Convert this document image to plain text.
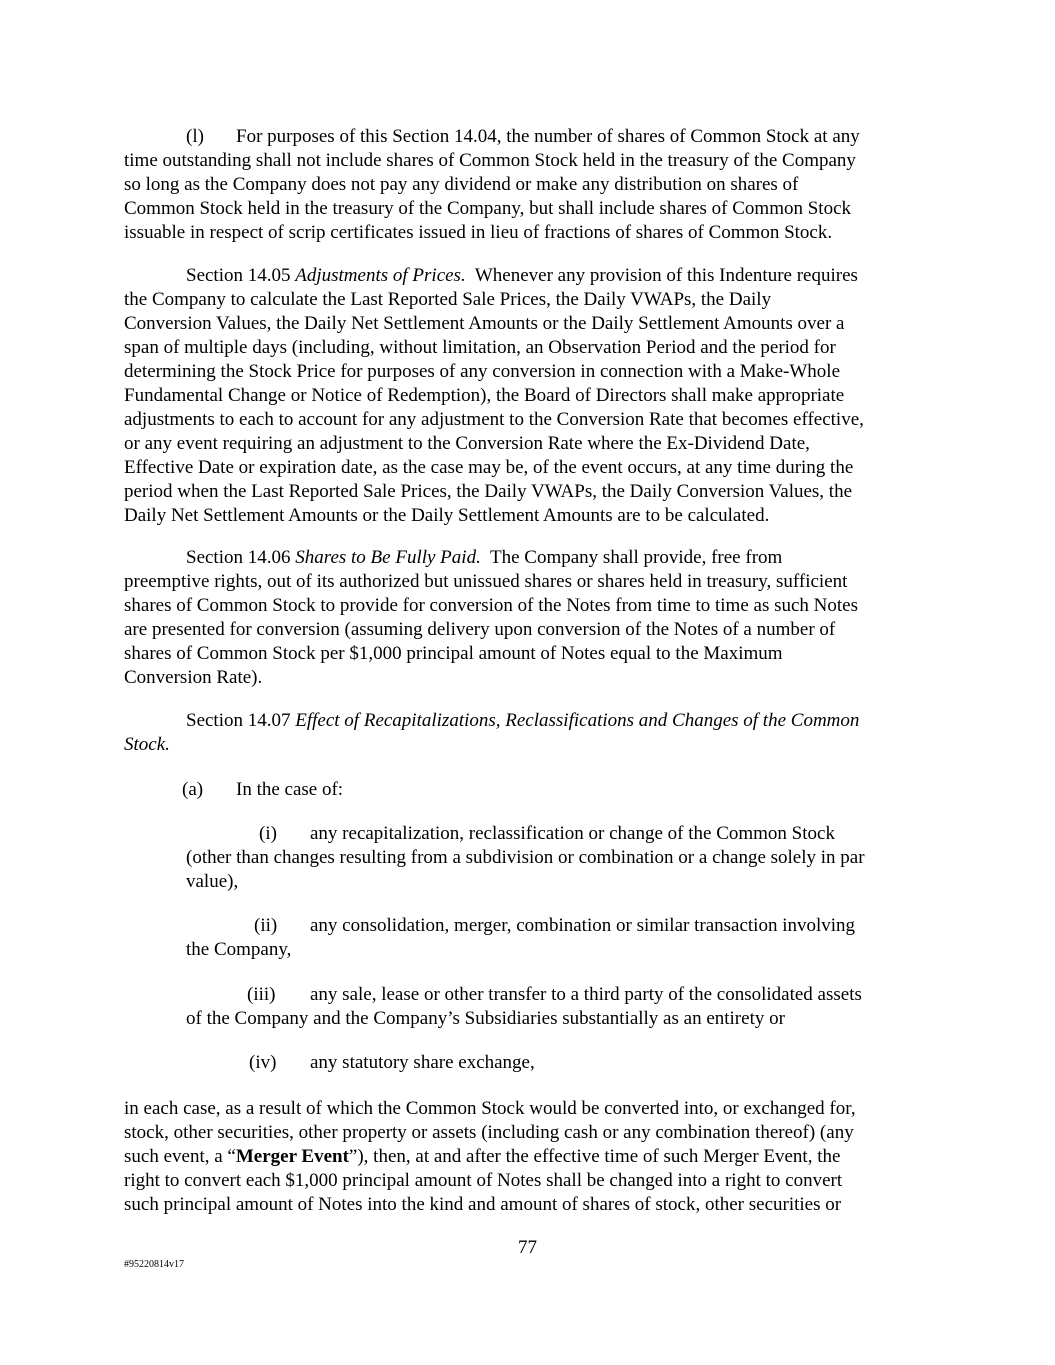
(l) For purposes of this Section 14.04, the number of shares of Common Stock at any
time outstanding shall not include shares of Common Stock held in the treasury of the Company
so long as the Company does not pay any dividend or make any distribution on shares of
Common Stock held in the treasury of the Company, but shall include shares of Common Stock
issuable in respect of scrip certificates issued in lieu of fractions of shares of Common Stock.
Section 14.05 Adjustments of Prices. Whenever any provision of this Indenture requires
the Company to calculate the Last Reported Sale Prices, the Daily VWAPs, the Daily
Conversion Values, the Daily Net Settlement Amounts or the Daily Settlement Amounts over a
span of multiple days (including, without limitation, an Observation Period and the period for
determining the Stock Price for purposes of any conversion in connection with a Make-Whole
Fundamental Change or Notice of Redemption), the Board of Directors shall make appropriate
adjustments to each to account for any adjustment to the Conversion Rate that becomes effective,
or any event requiring an adjustment to the Conversion Rate where the Ex-Dividend Date,
Effective Date or expiration date, as the case may be, of the event occurs, at any time during the
period when the Last Reported Sale Prices, the Daily VWAPs, the Daily Conversion Values, the
Daily Net Settlement Amounts or the Daily Settlement Amounts are to be calculated.
Section 14.06 Shares to Be Fully Paid. The Company shall provide, free from
preemptive rights, out of its authorized but unissued shares or shares held in treasury, sufficient
shares of Common Stock to provide for conversion of the Notes from time to time as such Notes
are presented for conversion (assuming delivery upon conversion of the Notes of a number of
shares of Common Stock per $1,000 principal amount of Notes equal to the Maximum
Conversion Rate).
Section 14.07 Effect of Recapitalizations, Reclassifications and Changes of the Common
Stock.
(a) In the case of:
(i) any recapitalization, reclassification or change of the Common Stock
(other than changes resulting from a subdivision or combination or a change solely in par
value),
(ii) any consolidation, merger, combination or similar transaction involving
the Company,
(iii) any sale, lease or other transfer to a third party of the consolidated assets
of the Company and the Company’s Subsidiaries substantially as an entirety or
(iv) any statutory share exchange,
in each case, as a result of which the Common Stock would be converted into, or exchanged for,
stock, other securities, other property or assets (including cash or any combination thereof) (any
such event, a “Merger Event”), then, at and after the effective time of such Merger Event, the
right to convert each $1,000 principal amount of Notes shall be changed into a right to convert
such principal amount of Notes into the kind and amount of shares of stock, other securities or
77
#95220814v17
